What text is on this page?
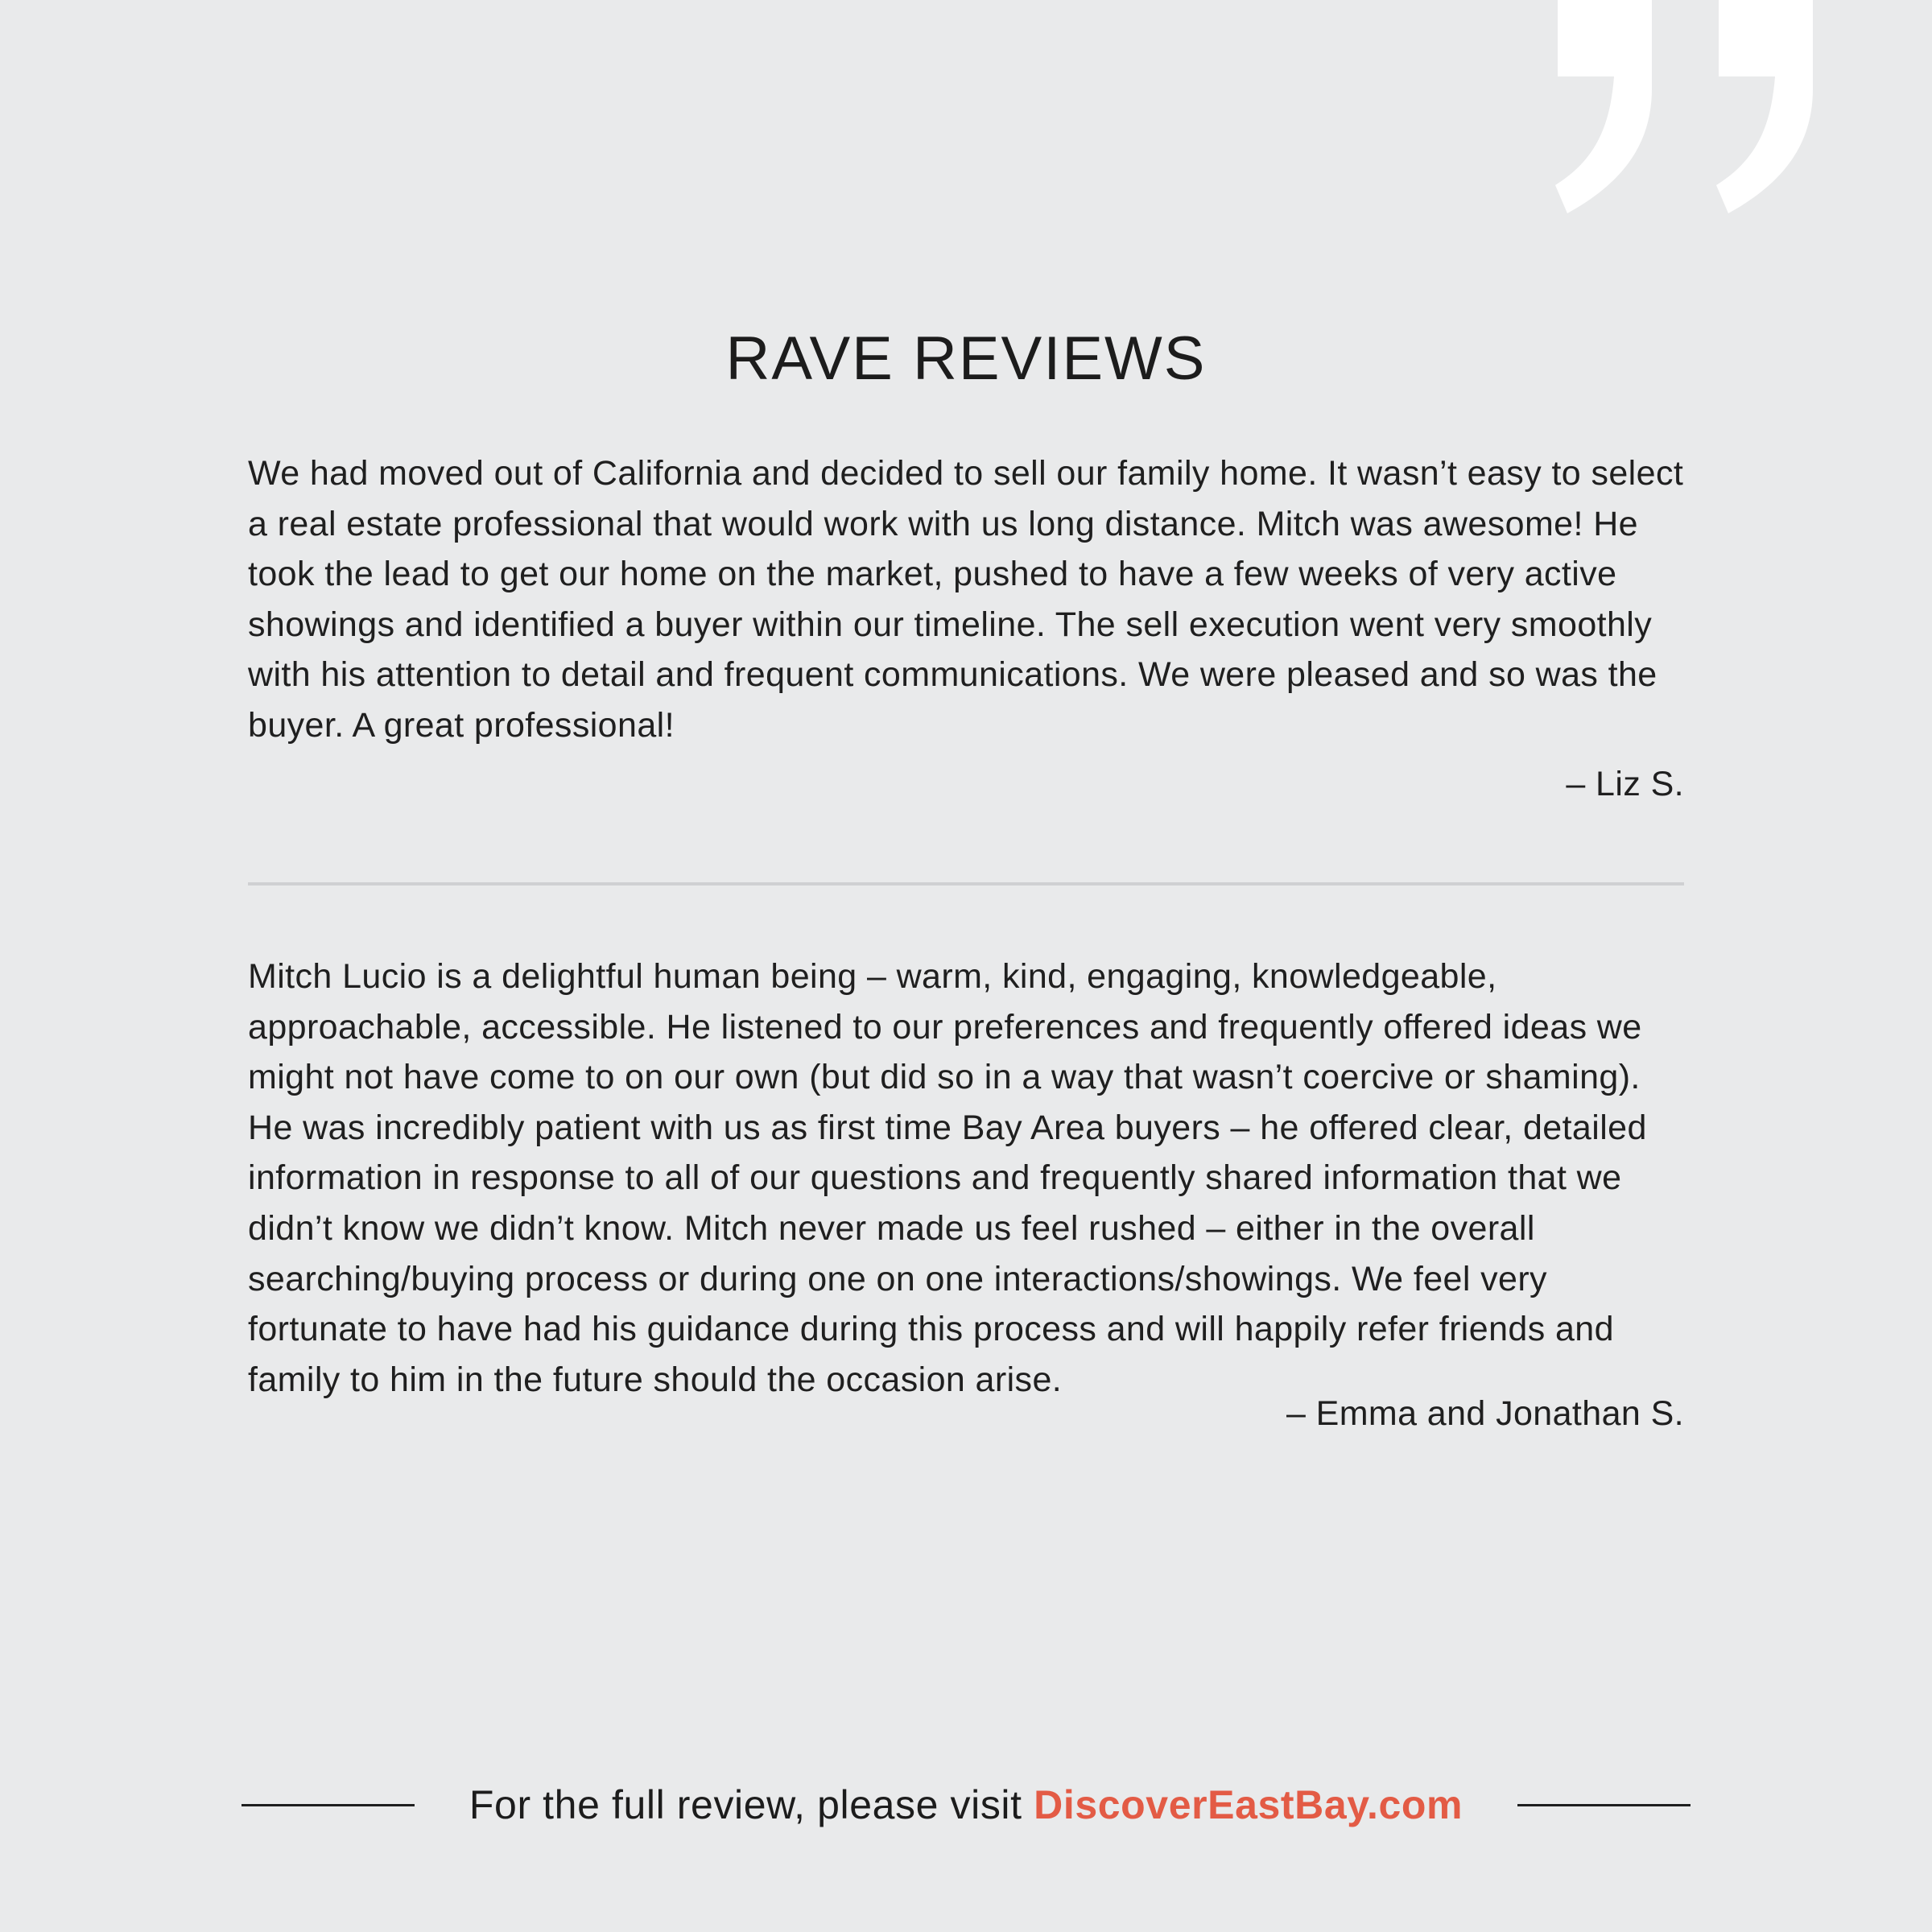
RAVE REVIEWS

We had moved out of California and decided to sell our family home. It wasn’t easy to select a real estate professional that would work with us long distance. Mitch was awesome! He took the lead to get our home on the market, pushed to have a few weeks of very active showings and identified a buyer within our timeline. The sell execution went very smoothly with his attention to detail and frequent communications. We were pleased and so was the buyer. A great professional!

– Liz S.

Mitch Lucio is a delightful human being – warm, kind, engaging, knowledgeable, approachable, accessible. He listened to our preferences and frequently offered ideas we might not have come to on our own (but did so in a way that wasn’t coercive or shaming). He was incredibly patient with us as first time Bay Area buyers – he offered clear, detailed information in response to all of our questions and frequently shared information that we didn’t know we didn’t know. Mitch never made us feel rushed – either in the overall searching/buying process or during one on one interactions/showings. We feel very fortunate to have had his guidance during this process and will happily refer friends and family to him in the future should the occasion arise.

– Emma and Jonathan S.

For the full review, please visit DiscoverEastBay.com
